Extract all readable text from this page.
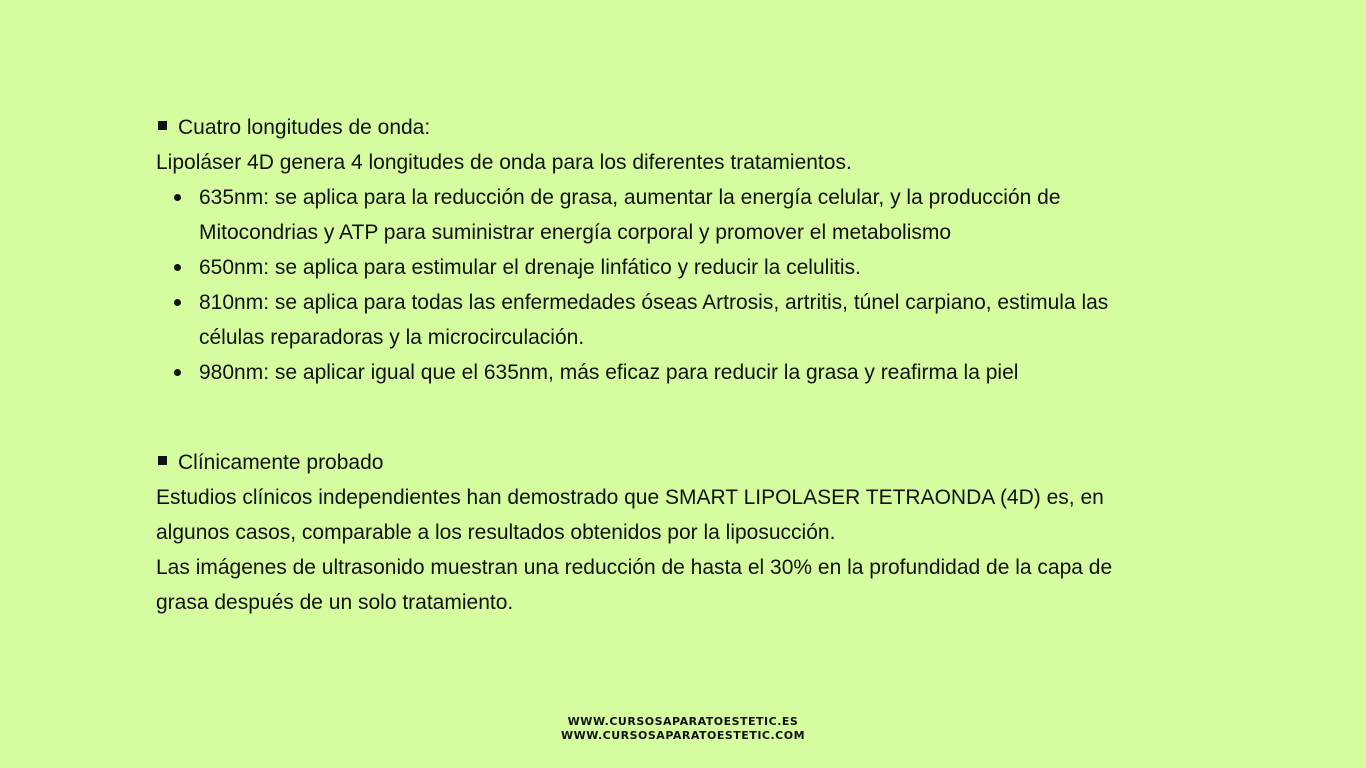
Cuatro longitudes de onda:
Lipoláser 4D genera 4 longitudes de onda para los diferentes tratamientos.
635nm: se aplica para la reducción de grasa, aumentar la energía celular, y la producción de Mitocondrias y ATP para suministrar energía corporal y promover el metabolismo
650nm: se aplica para estimular el drenaje linfático y reducir la celulitis.
810nm: se aplica para todas las enfermedades óseas Artrosis, artritis, túnel carpiano, estimula las células reparadoras y la microcirculación.
980nm: se aplicar igual que el 635nm, más eficaz para reducir la grasa y reafirma la piel
Clínicamente probado
Estudios clínicos independientes han demostrado que SMART LIPOLASER TETRAONDA (4D) es, en algunos casos, comparable a los resultados obtenidos por la liposucción.
Las imágenes de ultrasonido muestran una reducción de hasta el 30% en la profundidad de la capa de grasa después de un solo tratamiento.
WWW.CURSOSAPARATOESTETIC.ES
WWW.CURSOSAPARATOESTETIC.COM
